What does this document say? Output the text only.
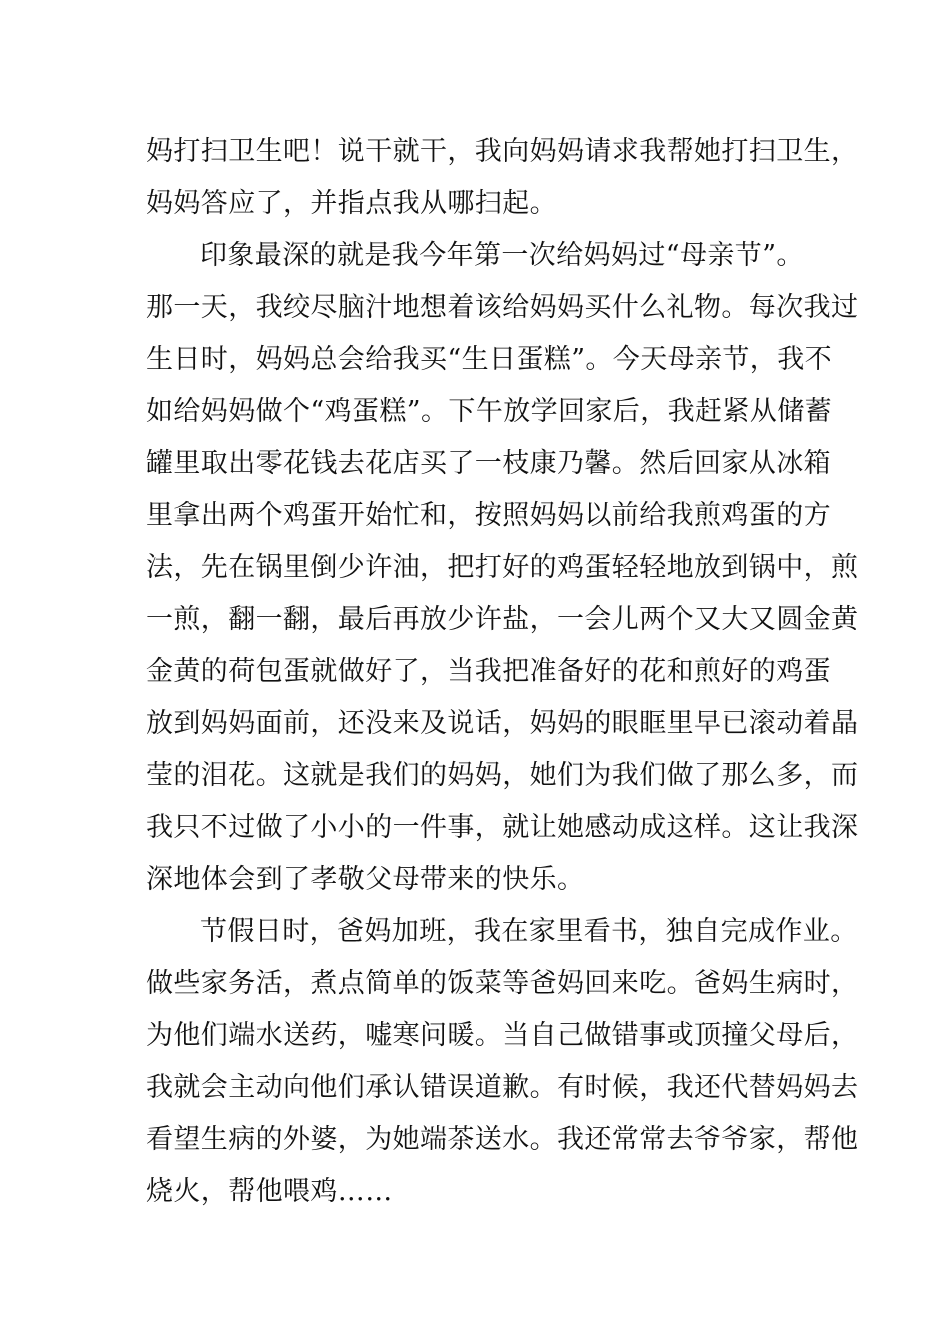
妈打扫卫生吧！说干就干，我向妈妈请求我帮她打扫卫生，
妈妈答应了，并指点我从哪扫起。
印象最深的就是我今年第一次给妈妈过“母亲节”。
那一天，我绞尽脑汁地想着该给妈妈买什么礼物。每次我过
生日时，妈妈总会给我买“生日蛋糕”。今天母亲节，我不
如给妈妈做个“鸡蛋糕”。下午放学回家后，我赶紧从储蓄
罐里取出零花钱去花店买了一枝康乃馨。然后回家从冰箱
里拿出两个鸡蛋开始忙和，按照妈妈以前给我煎鸡蛋的方
法，先在锅里倒少许油，把打好的鸡蛋轻轻地放到锅中，煎
一煎，翻一翻，最后再放少许盐，一会儿两个又大又圆金黄
金黄的荷包蛋就做好了，当我把准备好的花和煎好的鸡蛋
放到妈妈面前，还没来及说话，妈妈的眼眶里早已滚动着晶
莹的泪花。这就是我们的妈妈，她们为我们做了那么多，而
我只不过做了小小的一件事，就让她感动成这样。这让我深
深地体会到了孝敬父母带来的快乐。
节假日时，爸妈加班，我在家里看书，独自完成作业。
做些家务活，煮点简单的饭菜等爸妈回来吃。爸妈生病时，
为他们端水送药，嘘寒问暖。当自己做错事或顶撞父母后，
我就会主动向他们承认错误道歉。有时候，我还代替妈妈去
看望生病的外婆，为她端茶送水。我还常常去爷爷家，帮他
烧火，帮他喂鸡……
